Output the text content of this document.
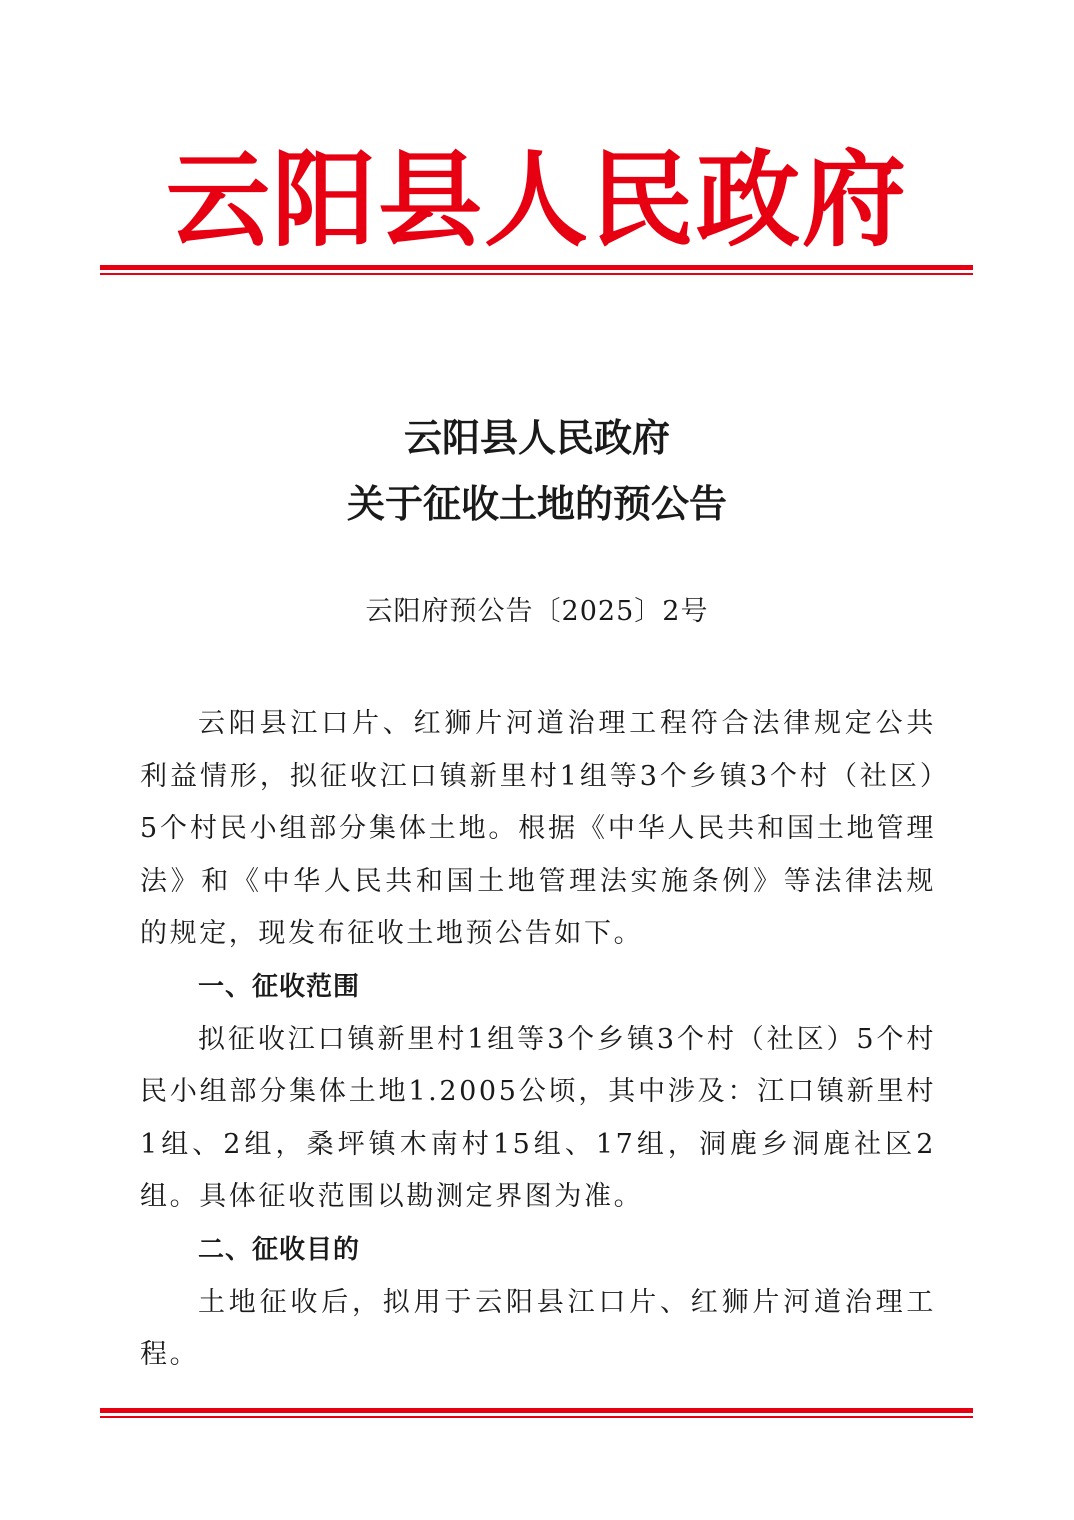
云阳县人民政府
云阳县人民政府
关于征收土地的预公告
云阳府预公告〔2025〕2号

云阳县江口片、红狮片河道治理工程符合法律规定公共利益情形，拟征收江口镇新里村1组等3个乡镇3个村（社区）5个村民小组部分集体土地。根据《中华人民共和国土地管理法》和《中华人民共和国土地管理法实施条例》等法律法规的规定，现发布征收土地预公告如下。

一、征收范围

拟征收江口镇新里村1组等3个乡镇3个村（社区）5个村民小组部分集体土地1.2005公顷，其中涉及：江口镇新里村1组、2组，桑坪镇木南村15组、17组，洞鹿乡洞鹿社区2组。具体征收范围以勘测定界图为准。

二、征收目的

土地征收后，拟用于云阳县江口片、红狮片河道治理工程。
